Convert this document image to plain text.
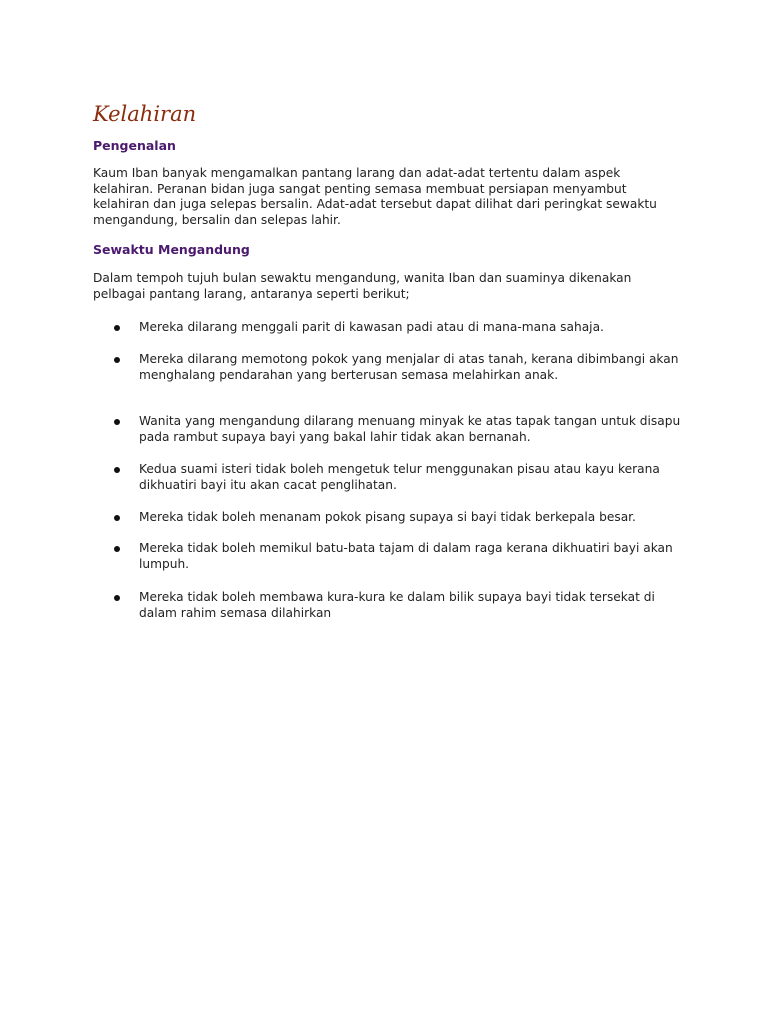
Kelahiran
Pengenalan

Kaum Iban banyak mengamalkan pantang larang dan adat-adat tertentu dalam aspek kelahiran. Peranan bidan juga sangat penting semasa membuat persiapan menyambut kelahiran dan juga selepas bersalin. Adat-adat tersebut dapat dilihat dari peringkat sewaktu mengandung, bersalin dan selepas lahir.

Sewaktu Mengandung

Dalam tempoh tujuh bulan sewaktu mengandung, wanita Iban dan suaminya dikenakan pelbagai pantang larang, antaranya seperti berikut;

Mereka dilarang menggali parit di kawasan padi atau di mana-mana sahaja.
Mereka dilarang memotong pokok yang menjalar di atas tanah, kerana dibimbangi akan menghalang pendarahan yang berterusan semasa melahirkan anak.
Wanita yang mengandung dilarang menuang minyak ke atas tapak tangan untuk disapu pada rambut supaya bayi yang bakal lahir tidak akan bernanah.
Kedua suami isteri tidak boleh mengetuk telur menggunakan pisau atau kayu kerana dikhuatiri bayi itu akan cacat penglihatan.
Mereka tidak boleh menanam pokok pisang supaya si bayi tidak berkepala besar.
Mereka tidak boleh memikul batu-bata tajam di dalam raga kerana dikhuatiri bayi akan lumpuh.
Mereka tidak boleh membawa kura-kura ke dalam bilik supaya bayi tidak tersekat di dalam rahim semasa dilahirkan
